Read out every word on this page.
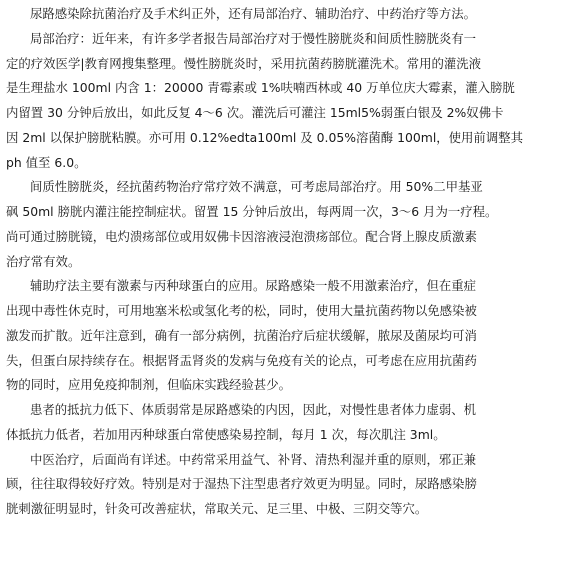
尿路感染除抗菌治疗及手术纠正外，还有局部治疗、辅助治疗、中药治疗等方法。
局部治疗：近年来，有许多学者报告局部治疗对于慢性膀胱炎和间质性膀胱炎有一
定的疗效医学|教育网搜集整理。慢性膀胱炎时，采用抗菌药膀胱灌洗术。常用的灌洗液
是生理盐水 100ml 内含 1：20000 青霉素或 1%呋喃西林或 40 万单位庆大霉素，灌入膀胱
内留置 30 分钟后放出，如此反复 4～6 次。灌洗后可灌注 15ml5%弱蛋白银及 2%奴佛卡
因 2ml 以保护膀胱粘膜。亦可用 0.12%edta100ml 及 0.05%溶菌酶 100ml，使用前调整其
ph 值至 6.0。
间质性膀胱炎，经抗菌药物治疗常疗效不满意，可考虑局部治疗。用 50%二甲基亚
砜 50ml 膀胱内灌注能控制症状。留置 15 分钟后放出，每两周一次，3～6 月为一疗程。
尚可通过膀胱镜，电灼溃疡部位或用奴佛卡因溶液浸泡溃疡部位。配合肾上腺皮质激素
治疗常有效。
辅助疗法主要有激素与丙种球蛋白的应用。尿路感染一般不用激素治疗，但在重症
出现中毒性休克时，可用地塞米松或氢化考的松，同时，使用大量抗菌药物以免感染被
激发而扩散。近年注意到，确有一部分病例，抗菌治疗后症状缓解，脓尿及菌尿均可消
失，但蛋白尿持续存在。根据肾盂肾炎的发病与免疫有关的论点，可考虑在应用抗菌药
物的同时，应用免疫抑制剂，但临床实践经验甚少。
患者的抵抗力低下、体质弱常是尿路感染的内因，因此，对慢性患者体力虚弱、机
体抵抗力低者，若加用丙种球蛋白常使感染易控制，每月 1 次，每次肌注 3ml。
中医治疗，后面尚有详述。中药常采用益气、补肾、清热利湿并重的原则，邪正兼
顾，往往取得较好疗效。特别是对于湿热下注型患者疗效更为明显。同时，尿路感染膀
胱刺激征明显时，针灸可改善症状，常取关元、足三里、中极、三阴交等穴。
